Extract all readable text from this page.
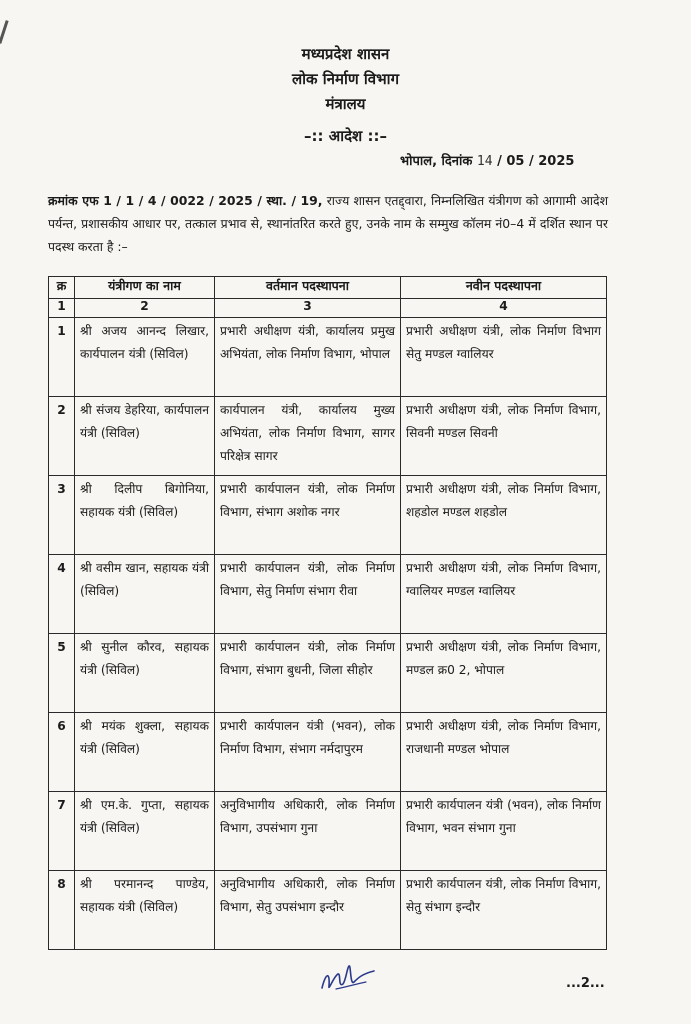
मध्यप्रदेश शासन
लोक निर्माण विभाग
मंत्रालय
–:: आदेश ::–
भोपाल, दिनांक 14 / 05 / 2025
क्रमांक एफ 1 / 1 / 4 / 0022 / 2025 / स्था. / 19, राज्य शासन एतद्द्वारा, निम्नलिखित यंत्रीगण को आगामी आदेश पर्यन्त, प्रशासकीय आधार पर, तत्काल प्रभाव से, स्थानांतरित करते हुए, उनके नाम के सम्मुख कॉलम नं0–4 में दर्शित स्थान पर पदस्थ करता है :–
क्र	यंत्रीगण का नाम	वर्तमान पदस्थापना	नवीन पदस्थापना
1	2	3	4
1	श्री अजय आनन्द लिखार, कार्यपालन यंत्री (सिविल)	प्रभारी अधीक्षण यंत्री, कार्यालय प्रमुख अभियंता, लोक निर्माण विभाग, भोपाल	प्रभारी अधीक्षण यंत्री, लोक निर्माण विभाग सेतु मण्डल ग्वालियर
2	श्री संजय डेहरिया, कार्यपालन यंत्री (सिविल)	कार्यपालन यंत्री, कार्यालय मुख्य अभियंता, लोक निर्माण विभाग, सागर परिक्षेत्र सागर	प्रभारी अधीक्षण यंत्री, लोक निर्माण विभाग, सिवनी मण्डल सिवनी
3	श्री दिलीप बिगोनिया, सहायक यंत्री (सिविल)	प्रभारी कार्यपालन यंत्री, लोक निर्माण विभाग, संभाग अशोक नगर	प्रभारी अधीक्षण यंत्री, लोक निर्माण विभाग, शहडोल मण्डल शहडोल
4	श्री वसीम खान, सहायक यंत्री (सिविल)	प्रभारी कार्यपालन यंत्री, लोक निर्माण विभाग, सेतु निर्माण संभाग रीवा	प्रभारी अधीक्षण यंत्री, लोक निर्माण विभाग, ग्वालियर मण्डल ग्वालियर
5	श्री सुनील कौरव, सहायक यंत्री (सिविल)	प्रभारी कार्यपालन यंत्री, लोक निर्माण विभाग, संभाग बुधनी, जिला सीहोर	प्रभारी अधीक्षण यंत्री, लोक निर्माण विभाग, मण्डल क्र0 2, भोपाल
6	श्री मयंक शुक्ला, सहायक यंत्री (सिविल)	प्रभारी कार्यपालन यंत्री (भवन), लोक निर्माण विभाग, संभाग नर्मदापुरम	प्रभारी अधीक्षण यंत्री, लोक निर्माण विभाग, राजधानी मण्डल भोपाल
7	श्री एम.के. गुप्ता, सहायक यंत्री (सिविल)	अनुविभागीय अधिकारी, लोक निर्माण विभाग, उपसंभाग गुना	प्रभारी कार्यपालन यंत्री (भवन), लोक निर्माण विभाग, भवन संभाग गुना
8	श्री परमानन्द पाण्डेय, सहायक यंत्री (सिविल)	अनुविभागीय अधिकारी, लोक निर्माण विभाग, सेतु उपसंभाग इन्दौर	प्रभारी कार्यपालन यंत्री, लोक निर्माण विभाग, सेतु संभाग इन्दौर
...2...
